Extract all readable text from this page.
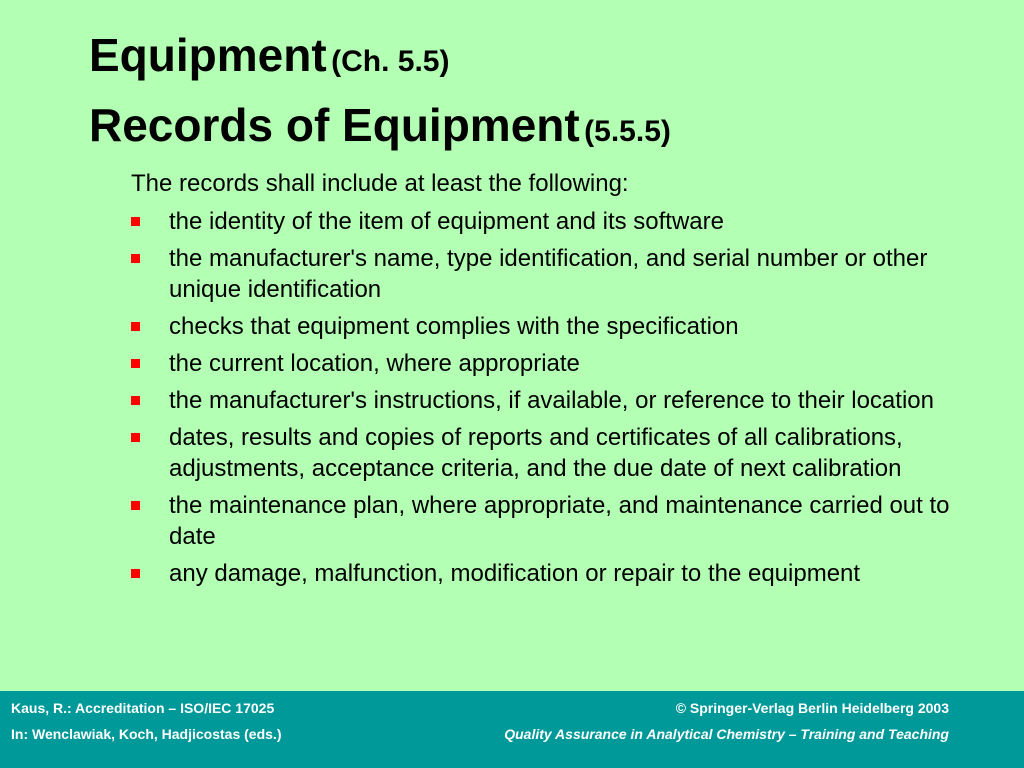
Equipment (Ch. 5.5)
Records of Equipment (5.5.5)

The records shall include at least the following:

the identity of the item of equipment and its software
the manufacturer's name, type identification, and serial number or other unique identification
checks that equipment complies with the specification
the current location, where appropriate
the manufacturer's instructions, if available, or reference to their location
dates, results and copies of reports and certificates of all calibrations, adjustments, acceptance criteria, and the due date of next calibration
the maintenance plan, where appropriate, and maintenance carried out to date
any damage, malfunction, modification or repair to the equipment
Kaus, R.: Accreditation – ISO/IEC 17025	© Springer-Verlag Berlin Heidelberg 2003
In: Wenclawiak, Koch, Hadjicostas (eds.)	Quality Assurance in Analytical Chemistry – Training and Teaching
